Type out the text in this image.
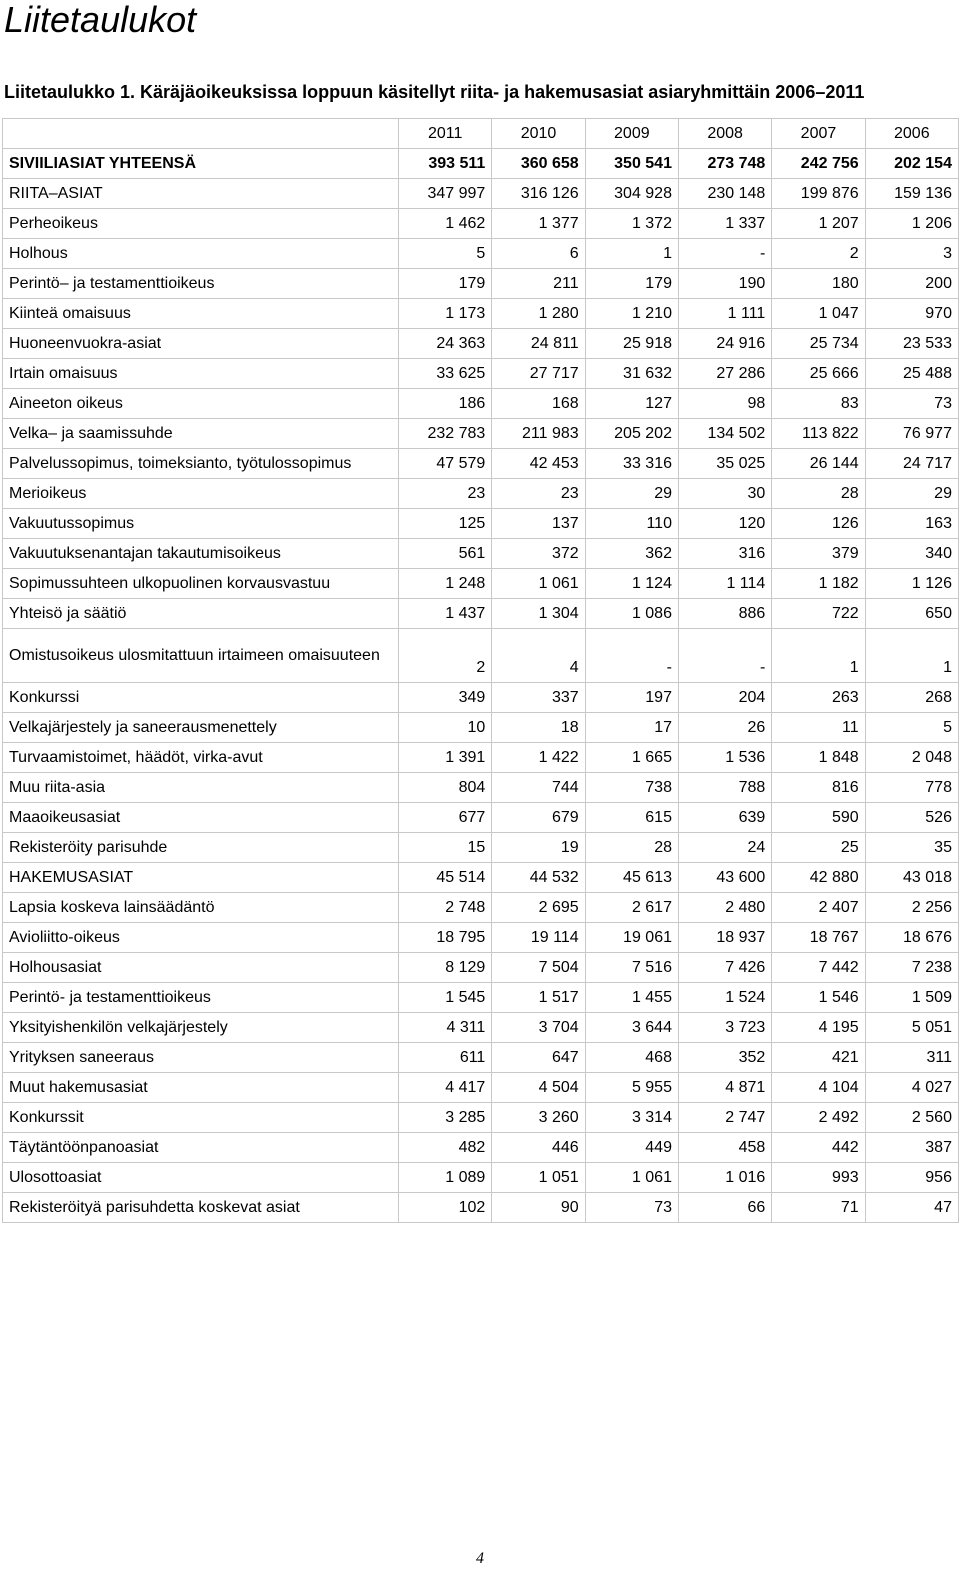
Liitetaulukot
Liitetaulukko 1. Käräjäoikeuksissa loppuun käsitellyt riita- ja hakemusasiat asiaryhmittäin 2006–2011
	2011	2010	2009	2008	2007	2006
SIVIILIASIAT YHTEENSÄ	393 511	360 658	350 541	273 748	242 756	202 154
RIITA–ASIAT	347 997	316 126	304 928	230 148	199 876	159 136
Perheoikeus	1 462	1 377	1 372	1 337	1 207	1 206
Holhous	5	6	1	-	2	3
Perintö– ja testamenttioikeus	179	211	179	190	180	200
Kiinteä omaisuus	1 173	1 280	1 210	1 111	1 047	970
Huoneenvuokra-asiat	24 363	24 811	25 918	24 916	25 734	23 533
Irtain omaisuus	33 625	27 717	31 632	27 286	25 666	25 488
Aineeton oikeus	186	168	127	98	83	73
Velka– ja saamissuhde	232 783	211 983	205 202	134 502	113 822	76 977
Palvelussopimus, toimeksianto, työtulossopimus	47 579	42 453	33 316	35 025	26 144	24 717
Merioikeus	23	23	29	30	28	29
Vakuutussopimus	125	137	110	120	126	163
Vakuutuksenantajan takautumisoikeus	561	372	362	316	379	340
Sopimussuhteen ulkopuolinen korvausvastuu	1 248	1 061	1 124	1 114	1 182	1 126
Yhteisö ja säätiö	1 437	1 304	1 086	886	722	650
Omistusoikeus ulosmitattuun irtaimeen omaisuuteen	2	4	-	-	1	1
Konkurssi	349	337	197	204	263	268
Velkajärjestely ja saneerausmenettely	10	18	17	26	11	5
Turvaamistoimet, häädöt, virka-avut	1 391	1 422	1 665	1 536	1 848	2 048
Muu riita-asia	804	744	738	788	816	778
Maaoikeusasiat	677	679	615	639	590	526
Rekisteröity parisuhde	15	19	28	24	25	35
HAKEMUSASIAT	45 514	44 532	45 613	43 600	42 880	43 018
Lapsia koskeva lainsäädäntö	2 748	2 695	2 617	2 480	2 407	2 256
Avioliitto-oikeus	18 795	19 114	19 061	18 937	18 767	18 676
Holhousasiat	8 129	7 504	7 516	7 426	7 442	7 238
Perintö- ja testamenttioikeus	1 545	1 517	1 455	1 524	1 546	1 509
Yksityishenkilön velkajärjestely	4 311	3 704	3 644	3 723	4 195	5 051
Yrityksen saneeraus	611	647	468	352	421	311
Muut hakemusasiat	4 417	4 504	5 955	4 871	4 104	4 027
Konkurssit	3 285	3 260	3 314	2 747	2 492	2 560
Täytäntöönpanoasiat	482	446	449	458	442	387
Ulosottoasiat	1 089	1 051	1 061	1 016	993	956
Rekisteröityä parisuhdetta koskevat asiat	102	90	73	66	71	47
4
